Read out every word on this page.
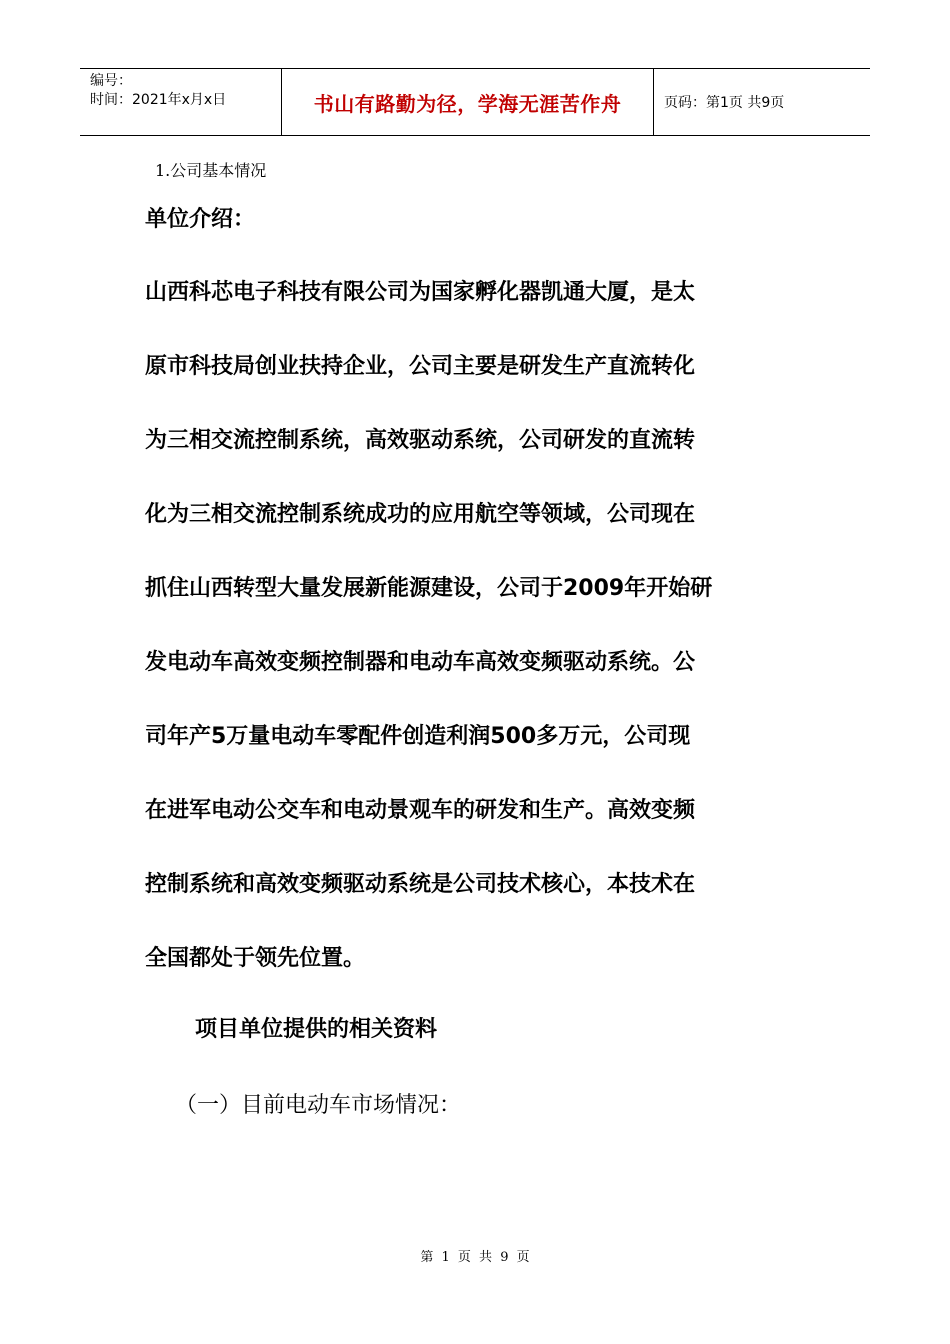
编号：
时间：2021年x月x日	书山有路勤为径，学海无涯苦作舟	页码：第1页 共9页
1.公司基本情况
单位介绍：
山西科芯电子科技有限公司为国家孵化器凯通大厦，是太
原市科技局创业扶持企业，公司主要是研发生产直流转化
为三相交流控制系统，高效驱动系统，公司研发的直流转
化为三相交流控制系统成功的应用航空等领域，公司现在
抓住山西转型大量发展新能源建设，公司于2009年开始研
发电动车高效变频控制器和电动车高效变频驱动系统。公
司年产5万量电动车零配件创造利润500多万元，公司现
在进军电动公交车和电动景观车的研发和生产。高效变频
控制系统和高效变频驱动系统是公司技术核心，本技术在
全国都处于领先位置。
项目单位提供的相关资料
（一）目前电动车市场情况：
第 1 页 共 9 页
